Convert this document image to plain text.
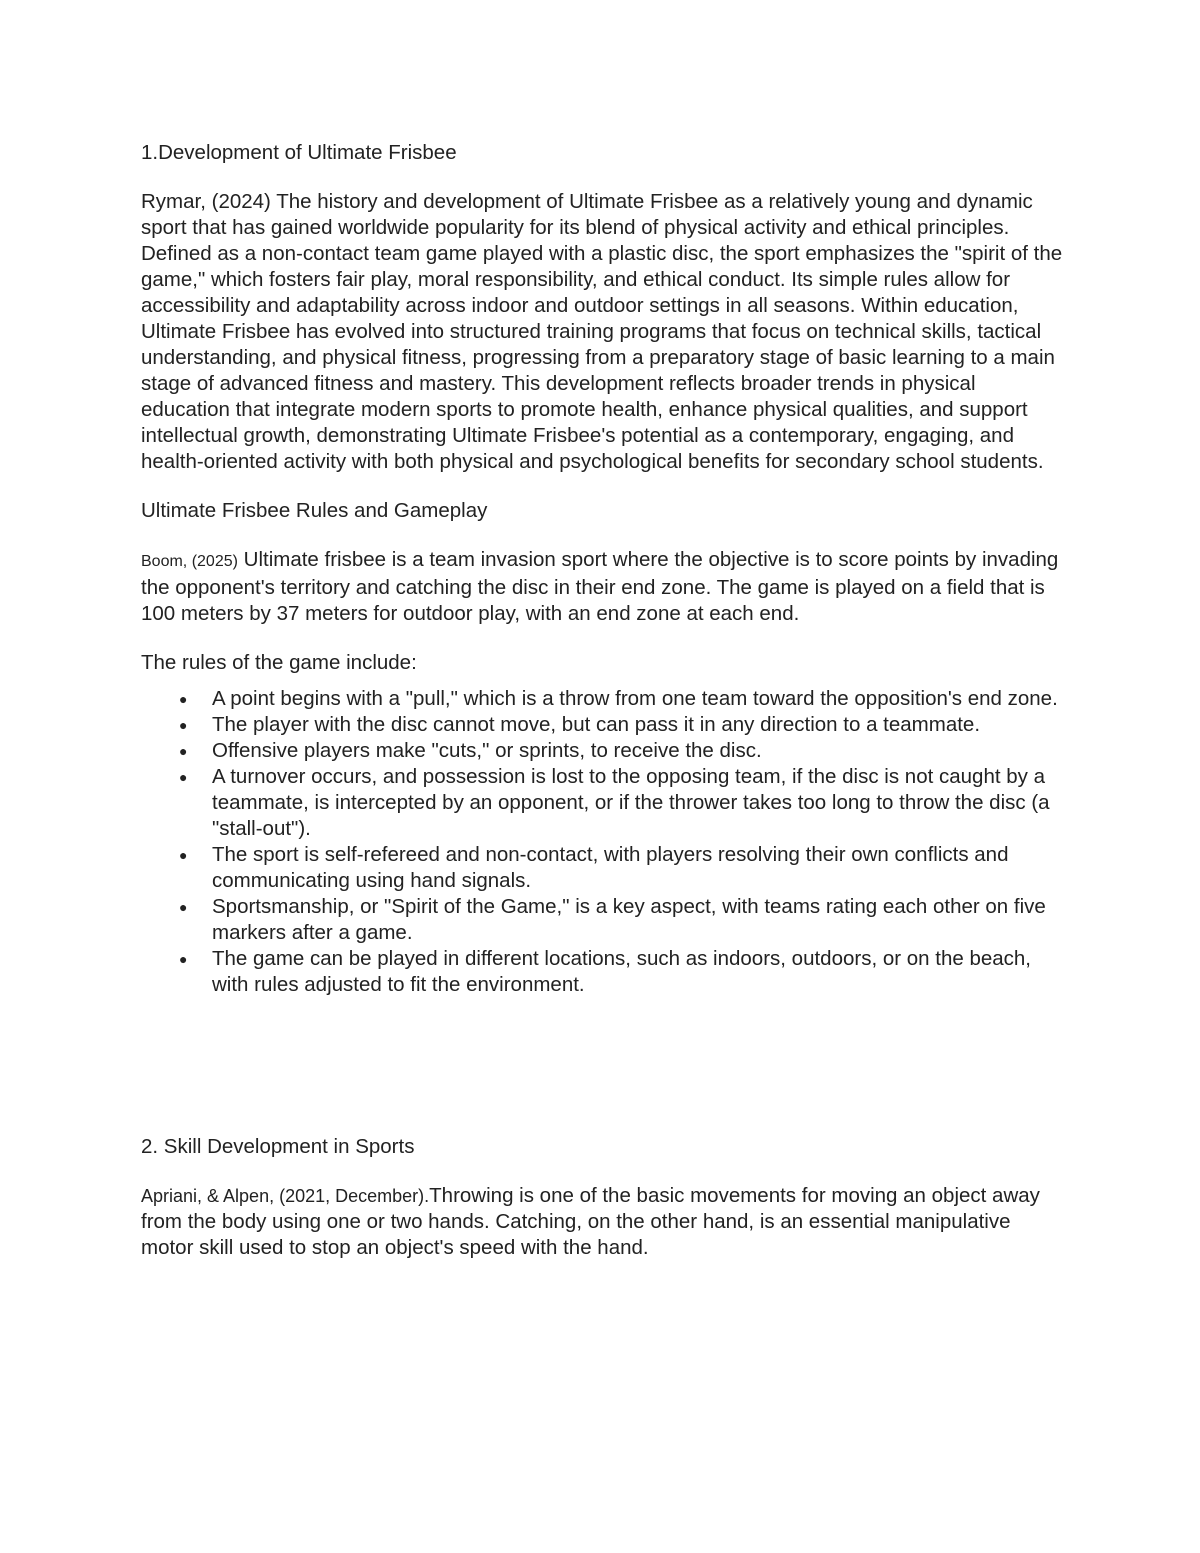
1.Development of Ultimate Frisbee

Rymar, (2024) The history and development of Ultimate Frisbee as a relatively young and dynamic sport that has gained worldwide popularity for its blend of physical activity and ethical principles. Defined as a non-contact team game played with a plastic disc, the sport emphasizes the "spirit of the game," which fosters fair play, moral responsibility, and ethical conduct. Its simple rules allow for accessibility and adaptability across indoor and outdoor settings in all seasons. Within education, Ultimate Frisbee has evolved into structured training programs that focus on technical skills, tactical understanding, and physical fitness, progressing from a preparatory stage of basic learning to a main stage of advanced fitness and mastery. This development reflects broader trends in physical education that integrate modern sports to promote health, enhance physical qualities, and support intellectual growth, demonstrating Ultimate Frisbee's potential as a contemporary, engaging, and health-oriented activity with both physical and psychological benefits for secondary school students.

Ultimate Frisbee Rules and Gameplay

Boom, (2025) Ultimate frisbee is a team invasion sport where the objective is to score points by invading the opponent's territory and catching the disc in their end zone. The game is played on a field that is 100 meters by 37 meters for outdoor play, with an end zone at each end.

The rules of the game include:

● A point begins with a "pull," which is a throw from one team toward the opposition's end zone.
● The player with the disc cannot move, but can pass it in any direction to a teammate.
● Offensive players make "cuts," or sprints, to receive the disc.
● A turnover occurs, and possession is lost to the opposing team, if the disc is not caught by a teammate, is intercepted by an opponent, or if the thrower takes too long to throw the disc (a "stall-out").
● The sport is self-refereed and non-contact, with players resolving their own conflicts and communicating using hand signals.
● Sportsmanship, or "Spirit of the Game," is a key aspect, with teams rating each other on five markers after a game.
● The game can be played in different locations, such as indoors, outdoors, or on the beach, with rules adjusted to fit the environment.

2. Skill Development in Sports

Apriani, & Alpen, (2021, December).Throwing is one of the basic movements for moving an object away from the body using one or two hands. Catching, on the other hand, is an essential manipulative motor skill used to stop an object's speed with the hand.
